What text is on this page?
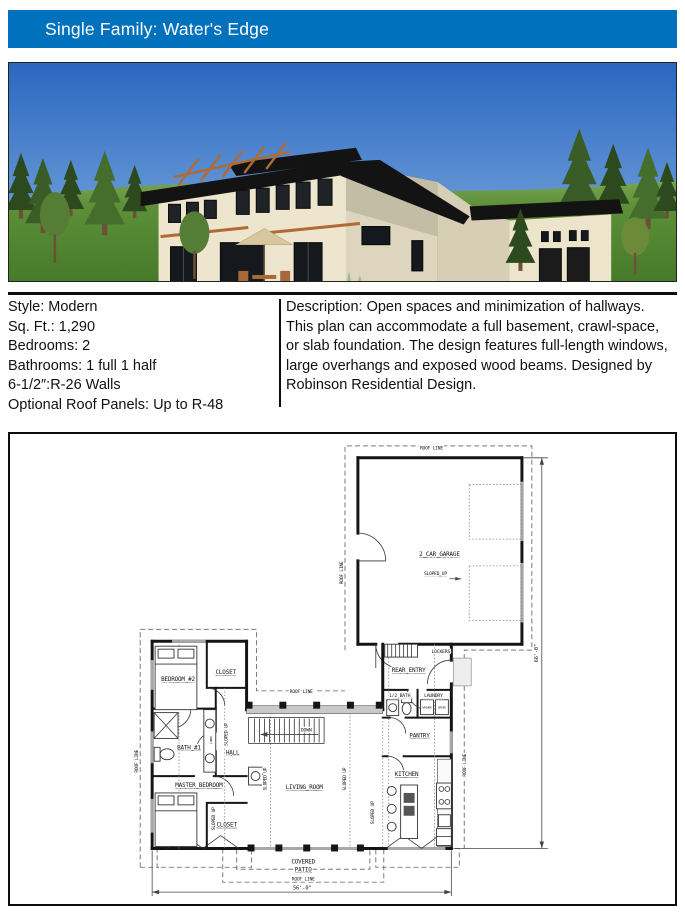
Single Family: Water's Edge
Style: Modern
Sq. Ft.: 1,290
Bedrooms: 2
Bathrooms: 1 full 1 half
6-1/2″:R-26 Walls
Optional Roof Panels: Up to R-48
Description: Open spaces and minimization of hallways. This plan can accommodate a full basement, crawl-space, or slab foundation. The design features full-length windows, large overhangs and exposed wood beams. Designed by Robinson Residential Design.
DOWN
WASHER DRYER
66'-0"
56'-0"
2 CAR GARAGE
SLOPED UP
CLOSET
BEDROOM #2
BATH #1
LINEN
HALL
MASTER BEDROOM
CLOSET
LIVING ROOM
LOCKERS
REAR ENTRY
1/2 BATH	LAUNDRY
PANTRY
KITCHEN
COVERED
PATIO
SLOPED UP
SLOPED UP
SLOPED UP	SLOPED UP
SLOPED UP
ROOF LINE
ROOF LINE
ROOF LINE
ROOF LINE	ROOF LINE
ROOF LINE
